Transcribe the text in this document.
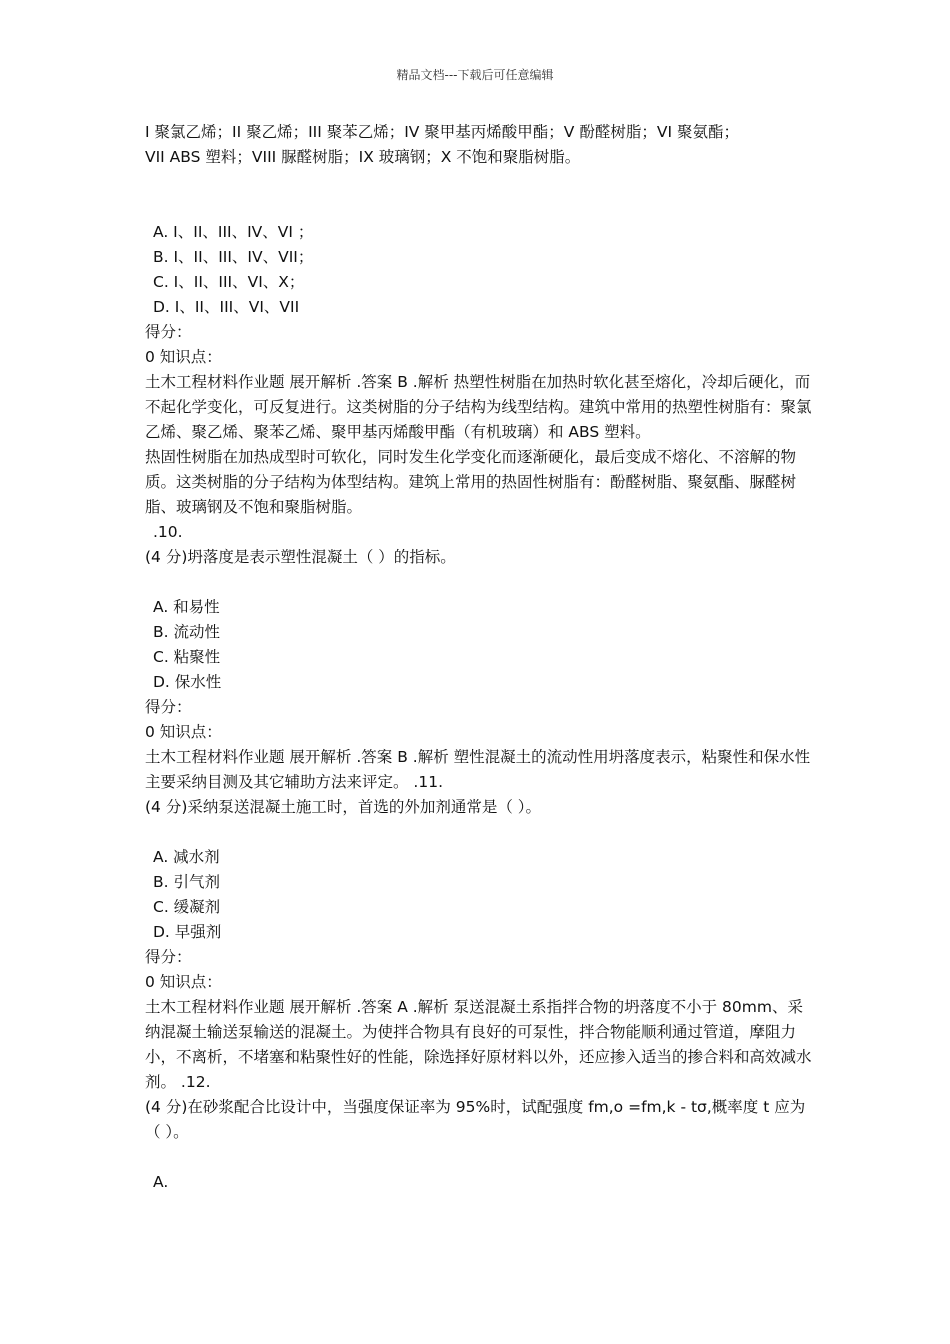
精品文档---下载后可任意编辑

I 聚氯乙烯；II 聚乙烯；III 聚苯乙烯；IV 聚甲基丙烯酸甲酯；V 酚醛树脂；VI 聚氨酯；

VII ABS 塑料；VIII 脲醛树脂；IX 玻璃钢；X 不饱和聚脂树脂。

A. I、II、III、IV、VI ；

B. I、II、III、IV、VII；

C. I、II、III、VI、X；

D. I、II、III、VI、VII

得分：

0 知识点：

土木工程材料作业题 展开解析 .答案 B .解析 热塑性树脂在加热时软化甚至熔化，冷却后硬化，而不起化学变化，可反复进行。这类树脂的分子结构为线型结构。建筑中常用的热塑性树脂有：聚氯乙烯、聚乙烯、聚苯乙烯、聚甲基丙烯酸甲酯（有机玻璃）和 ABS 塑料。

热固性树脂在加热成型时可软化，同时发生化学变化而逐渐硬化，最后变成不熔化、不溶解的物质。这类树脂的分子结构为体型结构。建筑上常用的热固性树脂有：酚醛树脂、聚氨酯、脲醛树脂、玻璃钢及不饱和聚脂树脂。

.10.

(4 分)坍落度是表示塑性混凝土（ ）的指标。

A. 和易性

B. 流动性

C. 粘聚性

D. 保水性

得分：

0 知识点：

土木工程材料作业题 展开解析 .答案 B .解析 塑性混凝土的流动性用坍落度表示，粘聚性和保水性主要采纳目测及其它辅助方法来评定。 .11.

(4 分)采纳泵送混凝土施工时，首选的外加剂通常是（ ）。

A. 减水剂

B. 引气剂

C. 缓凝剂

D. 早强剂

得分：

0 知识点：

土木工程材料作业题 展开解析 .答案 A .解析 泵送混凝土系指拌合物的坍落度不小于 80mm、采纳混凝土输送泵输送的混凝土。为使拌合物具有良好的可泵性，拌合物能顺利通过管道，摩阻力小，不离析，不堵塞和粘聚性好的性能，除选择好原材料以外，还应掺入适当的掺合料和高效减水剂。 .12.

(4 分)在砂浆配合比设计中，当强度保证率为 95%时，试配强度 fm,o =fm,k - tσ,概率度 t 应为（ ）。

A.
